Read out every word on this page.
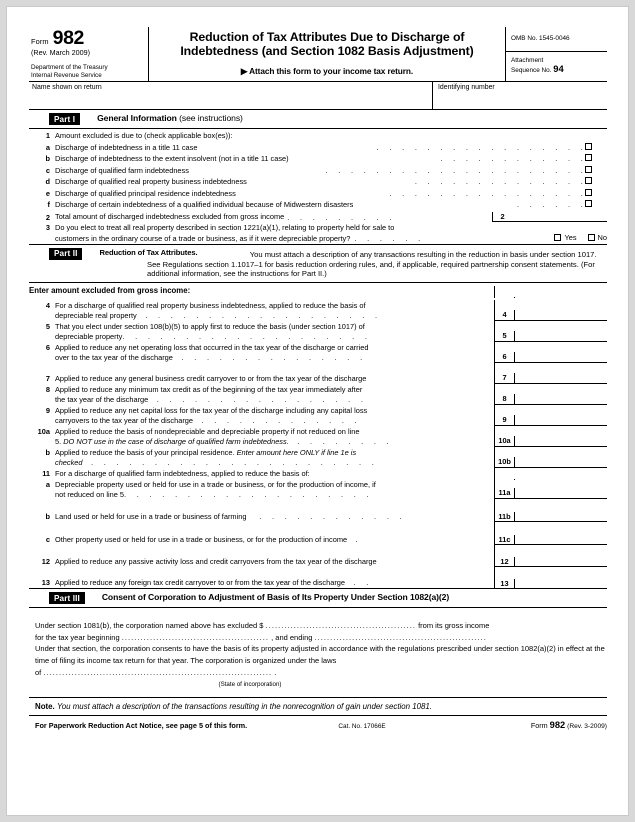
Form 982
(Rev. March 2009)
Department of the Treasury
Internal Revenue Service
Reduction of Tax Attributes Due to Discharge of
Indebtedness (and Section 1082 Basis Adjustment)
▶ Attach this form to your income tax return.
OMB No. 1545-0046
Attachment
Sequence No. 94
Name shown on return	Identifying number
Part I	General Information (see instructions)
1 Amount excluded is due to (check applicable box(es)):
a Discharge of indebtedness in a title 11 case	.  .  .  .  .  .  .  .  .  .  .  .  .  .  .  .  .
b Discharge of indebtedness to the extent insolvent (not in a title 11 case)	.  .  .  .  .  .  .  .  .  .  .  .
c Discharge of qualified farm indebtedness	.  .  .  .  .  .  .  .  .  .  .  .  .  .  .  .  .  .  .  .  .
d Discharge of qualified real property business indebtedness	.  .  .  .  .  .  .  .  .  .  .  .  .  .
e Discharge of qualified principal residence indebtedness	.  .  .  .  .  .  .  .  .  .  .  .  .  .  .  .
f Discharge of certain indebtedness of a qualified individual because of Midwestern disasters	.  .  .  .  .  .
2 Total amount of discharged indebtedness excluded from gross income .  .  .  .  .  .  .  .  .	2
3 Do you elect to treat all real property described in section 1221(a)(1), relating to property held for sale to

customers in the ordinary course of a trade or business, as if it were depreciable property? .  .  .  .  .  .	Yes	No
Part II	Reduction of Tax Attributes.	You must attach a description of any transactions resulting in the reduction in basis under section 1017. See Regulations section 1.1017–1 for basis reduction ordering rules, and, if applicable, required partnership consent statements. (For additional information, see the instructions for Part II.)
Enter amount excluded from gross income:
4 For a discharge of qualified real property business indebtedness, applied to reduce the basis of
depreciable real property  .  .  .  .  .  .  .  .  .  .  .  .  .  .  .  .  .  .  .	4
5 That you elect under section 108(b)(5) to apply first to reduce the basis (under section 1017) of
depreciable property.  .  .  .  .  .  .  .  .  .  .  .  .  .  .  .  .  .  .  .	5
6 Applied to reduce any net operating loss that occurred in the tax year of the discharge or carried
over to the tax year of the discharge  .  .  .  .  .  .  .  .  .  .  .  .  .  .  .	6
7 Applied to reduce any general business credit carryover to or from the tax year of the discharge	7
8 Applied to reduce any minimum tax credit as of the beginning of the tax year immediately after
the tax year of the discharge  .  .  .  .  .  .  .  .  .  .  .  .  .  .  .  .  .	8
9 Applied to reduce any net capital loss for the tax year of the discharge including any capital loss
carryovers to the tax year of the discharge  .  .  .  .  .  .  .  .  .  .  .  .  .	9
10a Applied to reduce the basis of nondepreciable and depreciable property if not reduced on line
5. DO NOT use in the case of discharge of qualified farm indebtedness.  .  .  .  .  .  .  .  .	10a
b Applied to reduce the basis of your principal residence. Enter amount here ONLY if line 1e is
checked  .  .  .  .  .  .  .  .  .  .  .  .  .  .  .  .  .  .  .  .  .  .  .	10b
11 For a discharge of qualified farm indebtedness, applied to reduce the basis of:
a Depreciable property used or held for use in a trade or business, or for the production of income, if
not reduced on line 5.  .  .  .  .  .  .  .  .  .  .  .  .  .  .  .  .  .  .  .	11a
b Land used or held for use in a trade or business of farming   .  .  .  .  .  .  .  .  .  .  .  .	11b
c Other property used or held for use in a trade or business, or for the production of income  .	11c
12 Applied to reduce any passive activity loss and credit carryovers from the tax year of the discharge	12
13 Applied to reduce any foreign tax credit carryover to or from the tax year of the discharge  .  .	13
Part III	Consent of Corporation to Adjustment of Basis of Its Property Under Section 1082(a)(2)
Under section 1081(b), the corporation named above has excluded $ ................................................ from its gross income
for the tax year beginning ............................................... , and ending .......................................................
Under that section, the corporation consents to have the basis of its property adjusted in accordance with the regulations prescribed under section 1082(a)(2) in effect at the time of filing its income tax return for that year. The corporation is organized under the laws
of ......................................................................... .
(State of incorporation)
Note. You must attach a description of the transactions resulting in the nonrecognition of gain under section 1081.
For Paperwork Reduction Act Notice, see page 5 of this form.	Cat. No. 17066E	Form 982 (Rev. 3-2009)
